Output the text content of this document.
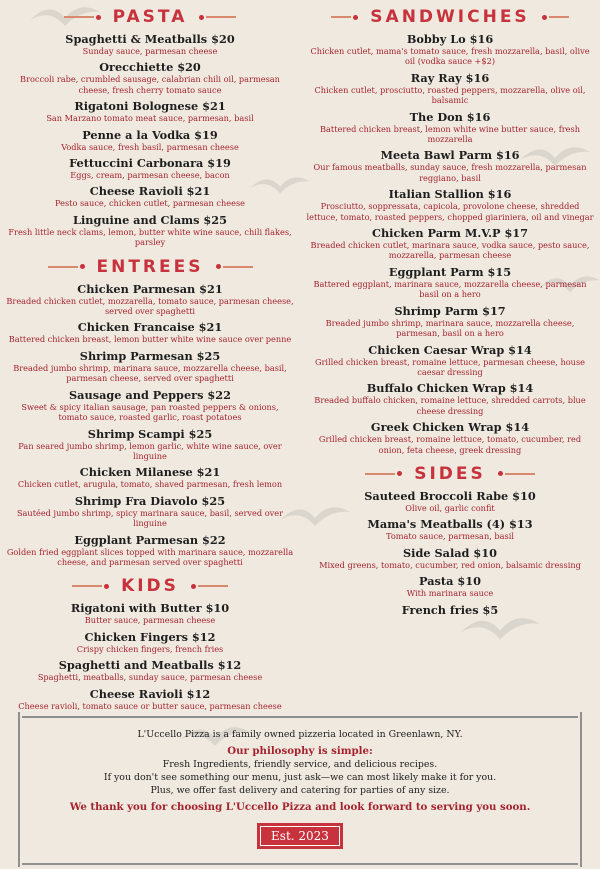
PASTA
Spaghetti & Meatballs $20
Sunday sauce, parmesan cheese
Orecchiette $20
Broccoli rabe, crumbled sausage, calabrian chili oil, parmesan cheese, fresh cherry tomato sauce
Rigatoni Bolognese $21
San Marzano tomato meat sauce, parmesan, basil
Penne a la Vodka $19
Vodka sauce, fresh basil, parmesan cheese
Fettuccini Carbonara $19
Eggs, cream, parmesan cheese, bacon
Cheese Ravioli $21
Pesto sauce, chicken cutlet, parmesan cheese
Linguine and Clams $25
Fresh little neck clams, lemon, butter white wine sauce, chili flakes, parsley
ENTREES
Chicken Parmesan $21
Breaded chicken cutlet, mozzarella, tomato sauce, parmesan cheese, served over spaghetti
Chicken Francaise $21
Battered chicken breast, lemon butter white wine sauce over penne
Shrimp Parmesan $25
Breaded jumbo shrimp, marinara sauce, mozzarella cheese, basil, parmesan cheese, served over spaghetti
Sausage and Peppers $22
Sweet & spicy italian sausage, pan roasted peppers & onions, tomato sauce, roasted garlic, roast potatoes
Shrimp Scampi $25
Pan seared jumbo shrimp, lemon garlic, white wine sauce, over linguine
Chicken Milanese $21
Chicken cutlet, arugula, tomato, shaved parmesan, fresh lemon
Shrimp Fra Diavolo $25
Sautéed jumbo shrimp, spicy marinara sauce, basil, served over linguine
Eggplant Parmesan $22
Golden fried eggplant slices topped with marinara sauce, mozzarella cheese, and parmesan served over spaghetti
KIDS
Rigatoni with Butter $10
Butter sauce, parmesan cheese
Chicken Fingers $12
Crispy chicken fingers, french fries
Spaghetti and Meatballs $12
Spaghetti, meatballs, sunday sauce, parmesan cheese
Cheese Ravioli $12
Cheese ravioli, tomato sauce or butter sauce, parmesan cheese
SANDWICHES
Bobby Lo $16
Chicken cutlet, mama's tomato sauce, fresh mozzarella, basil, olive oil (vodka sauce +$2)
Ray Ray $16
Chicken cutlet, prosciutto, roasted peppers, mozzarella, olive oil, balsamic
The Don $16
Battered chicken breast, lemon white wine butter sauce, fresh mozzarella
Meeta Bawl Parm $16
Our famous meatballs, sunday sauce, fresh mozzarella, parmesan reggiano, basil
Italian Stallion $16
Prosciutto, soppressata, capicola, provolone cheese, shredded lettuce, tomato, roasted peppers, chopped giariniera, oil and vinegar
Chicken Parm M.V.P $17
Breaded chicken cutlet, marinara sauce, vodka sauce, pesto sauce, mozzarella, parmesan cheese
Eggplant Parm $15
Battered eggplant, marinara sauce, mozzarella cheese, parmesan basil on a hero
Shrimp Parm $17
Breaded jumbo shrimp, marinara sauce, mozzarella cheese, parmesan, basil on a hero
Chicken Caesar Wrap $14
Grilled chicken breast, romaine lettuce, parmesan cheese, house caesar dressing
Buffalo Chicken Wrap $14
Breaded buffalo chicken, romaine lettuce, shredded carrots, blue cheese dressing
Greek Chicken Wrap $14
Grilled chicken breast, romaine lettuce, tomato, cucumber, red onion, feta cheese, greek dressing
SIDES
Sauteed Broccoli Rabe $10
Olive oil, garlic confit
Mama's Meatballs (4) $13
Tomato sauce, parmesan, basil
Side Salad $10
Mixed greens, tomato, cucumber, red onion, balsamic dressing
Pasta $10
With marinara sauce
French fries $5
L'Uccello Pizza is a family owned pizzeria located in Greenlawn, NY.
Our philosophy is simple:
Fresh Ingredients, friendly service, and delicious recipes.
If you don't see something our menu, just ask—we can most likely make it for you.
Plus, we offer fast delivery and catering for parties of any size.
We thank you for choosing L'Uccello Pizza and look forward to serving you soon.
Est. 2023
